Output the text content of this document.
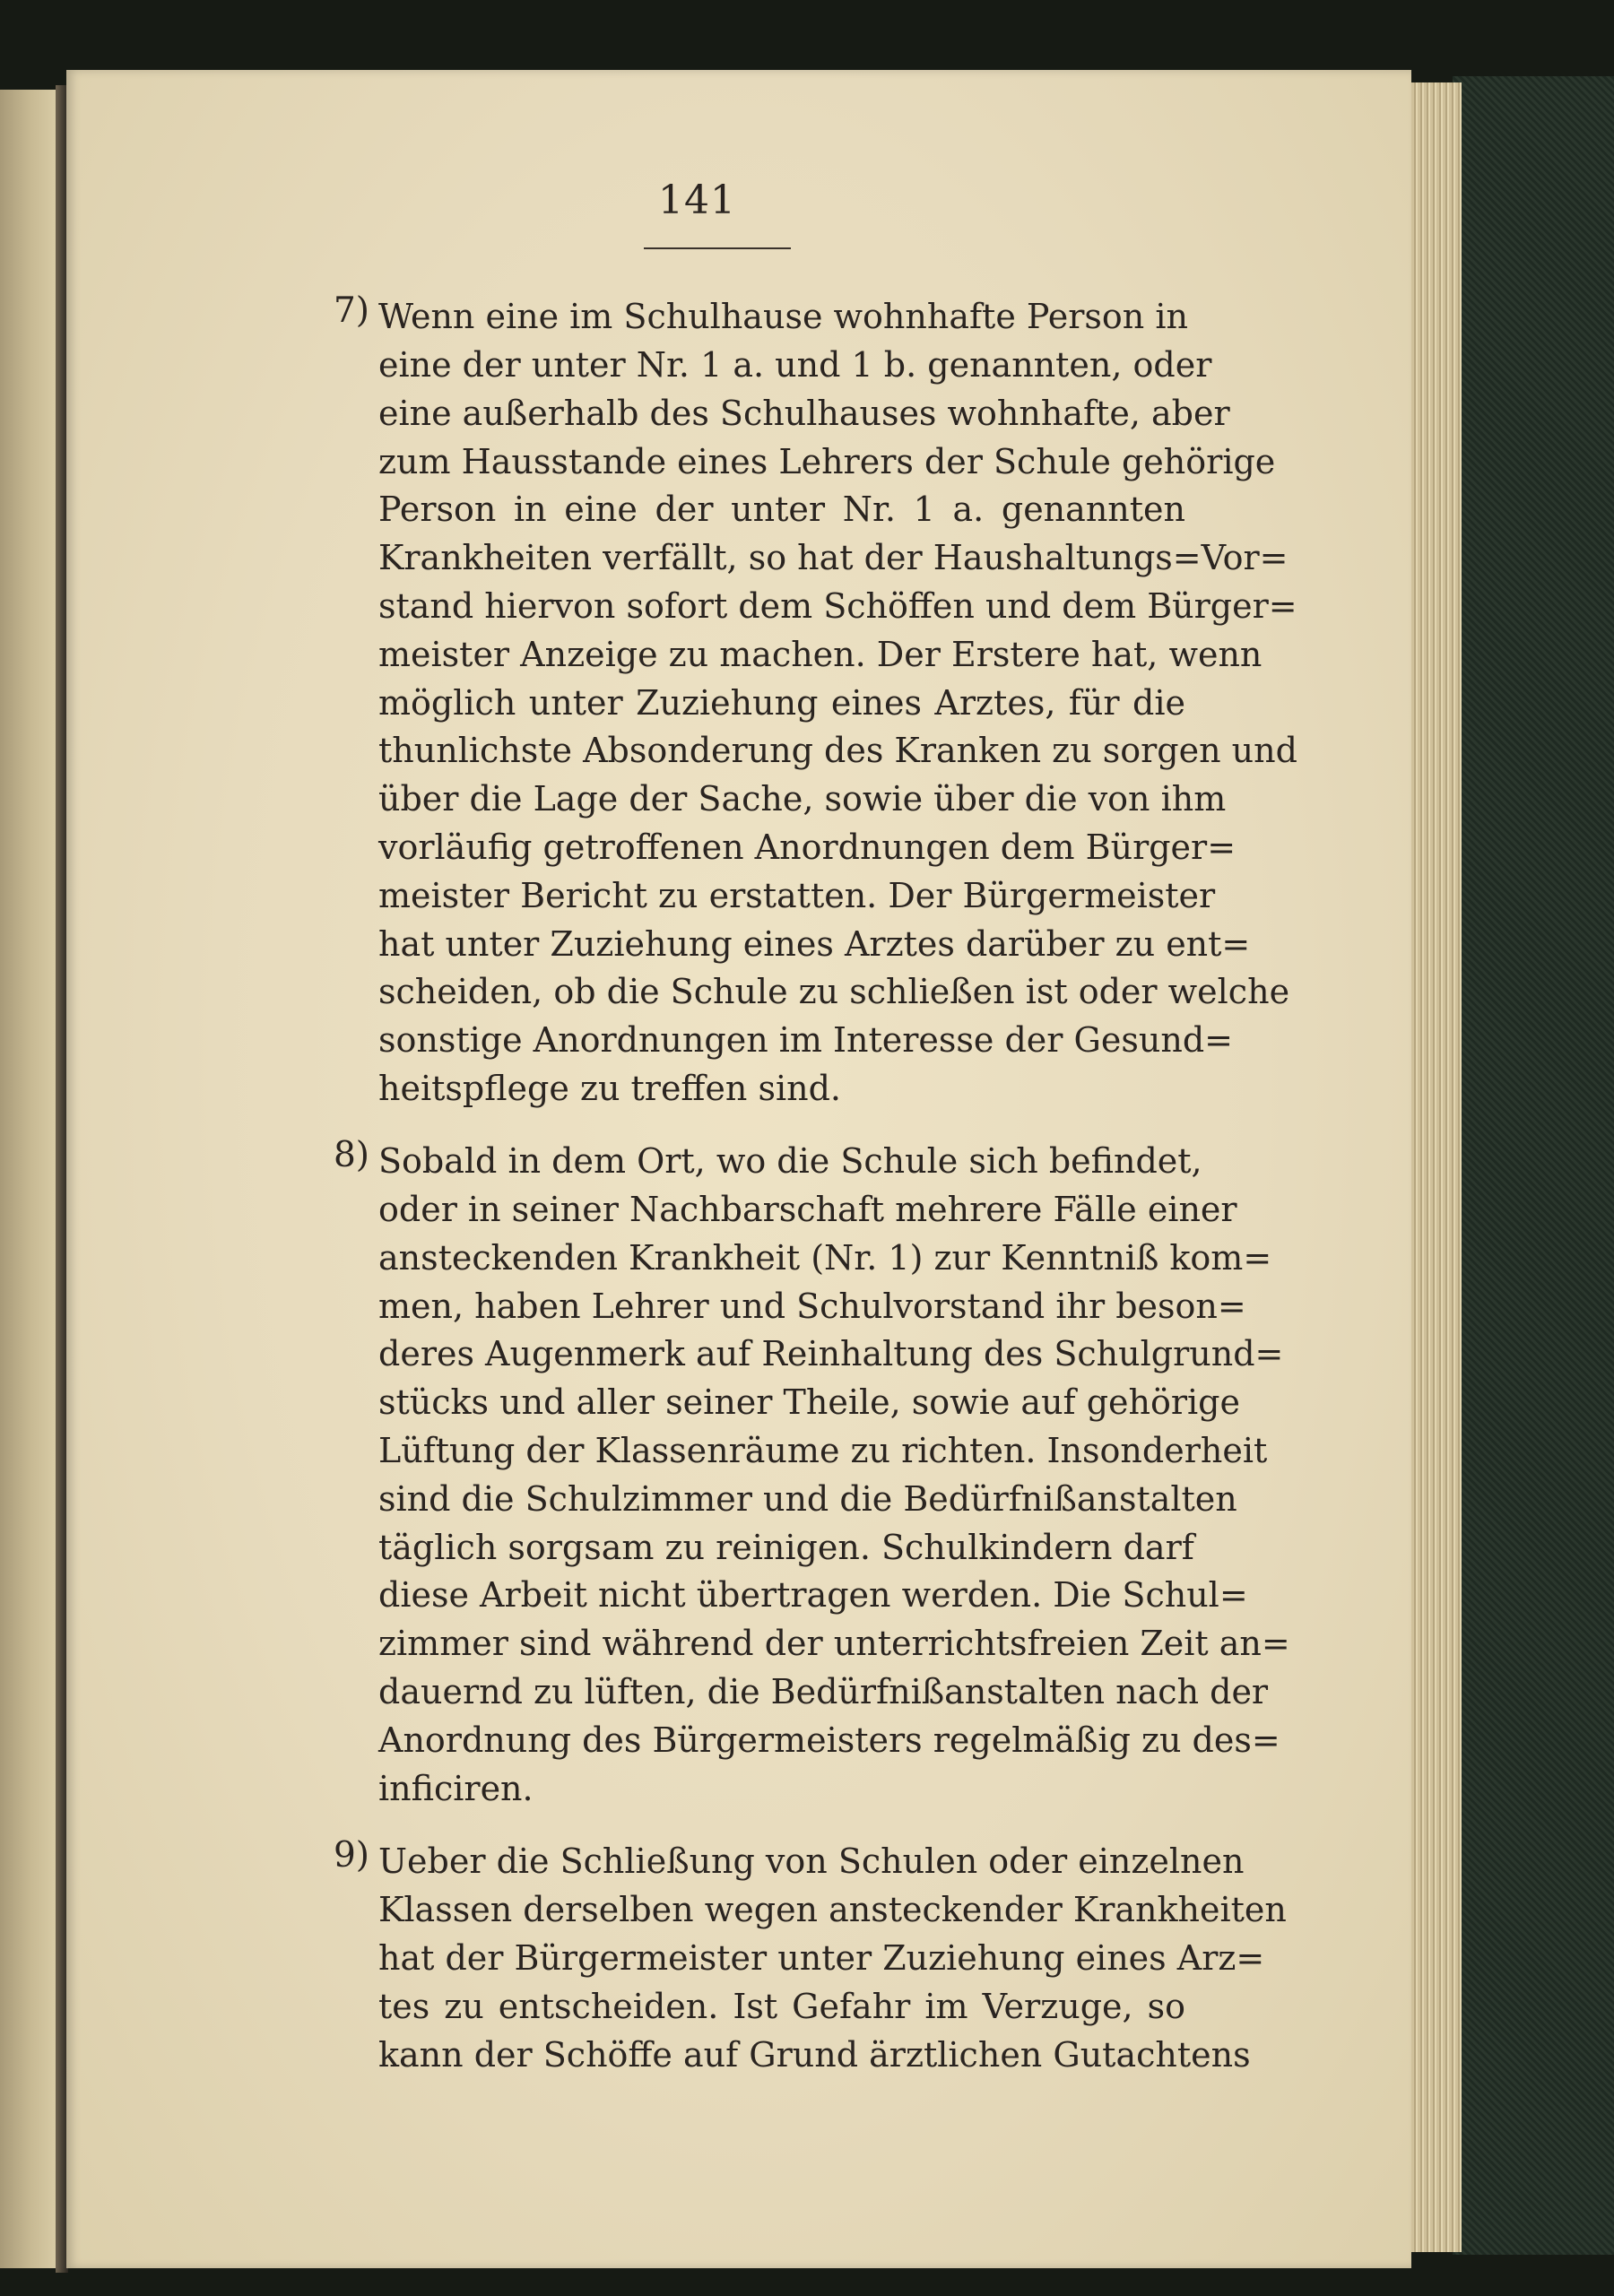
141
7) Wenn eine im Schulhause wohnhafte Person in
eine der unter Nr. 1 a. und 1 b. genannten, oder
eine außerhalb des Schulhauses wohnhafte, aber
zum Hausstande eines Lehrers der Schule gehörige
Person in eine der unter Nr. 1 a. genannten
Krankheiten verfällt, so hat der Haushaltungs=Vor=
stand hiervon sofort dem Schöffen und dem Bürger=
meister Anzeige zu machen. Der Erstere hat, wenn
möglich unter Zuziehung eines Arztes, für die
thunlichste Absonderung des Kranken zu sorgen und
über die Lage der Sache, sowie über die von ihm
vorläufig getroffenen Anordnungen dem Bürger=
meister Bericht zu erstatten. Der Bürgermeister
hat unter Zuziehung eines Arztes darüber zu ent=
scheiden, ob die Schule zu schließen ist oder welche
sonstige Anordnungen im Interesse der Gesund=
heitspflege zu treffen sind.
8) Sobald in dem Ort, wo die Schule sich befindet,
oder in seiner Nachbarschaft mehrere Fälle einer
ansteckenden Krankheit (Nr. 1) zur Kenntniß kom=
men, haben Lehrer und Schulvorstand ihr beson=
deres Augenmerk auf Reinhaltung des Schulgrund=
stücks und aller seiner Theile, sowie auf gehörige
Lüftung der Klassenräume zu richten. Insonderheit
sind die Schulzimmer und die Bedürfnißanstalten
täglich sorgsam zu reinigen. Schulkindern darf
diese Arbeit nicht übertragen werden. Die Schul=
zimmer sind während der unterrichtsfreien Zeit an=
dauernd zu lüften, die Bedürfnißanstalten nach der
Anordnung des Bürgermeisters regelmäßig zu des=
inficiren.
9) Ueber die Schließung von Schulen oder einzelnen
Klassen derselben wegen ansteckender Krankheiten
hat der Bürgermeister unter Zuziehung eines Arz=
tes zu entscheiden. Ist Gefahr im Verzuge, so
kann der Schöffe auf Grund ärztlichen Gutachtens
